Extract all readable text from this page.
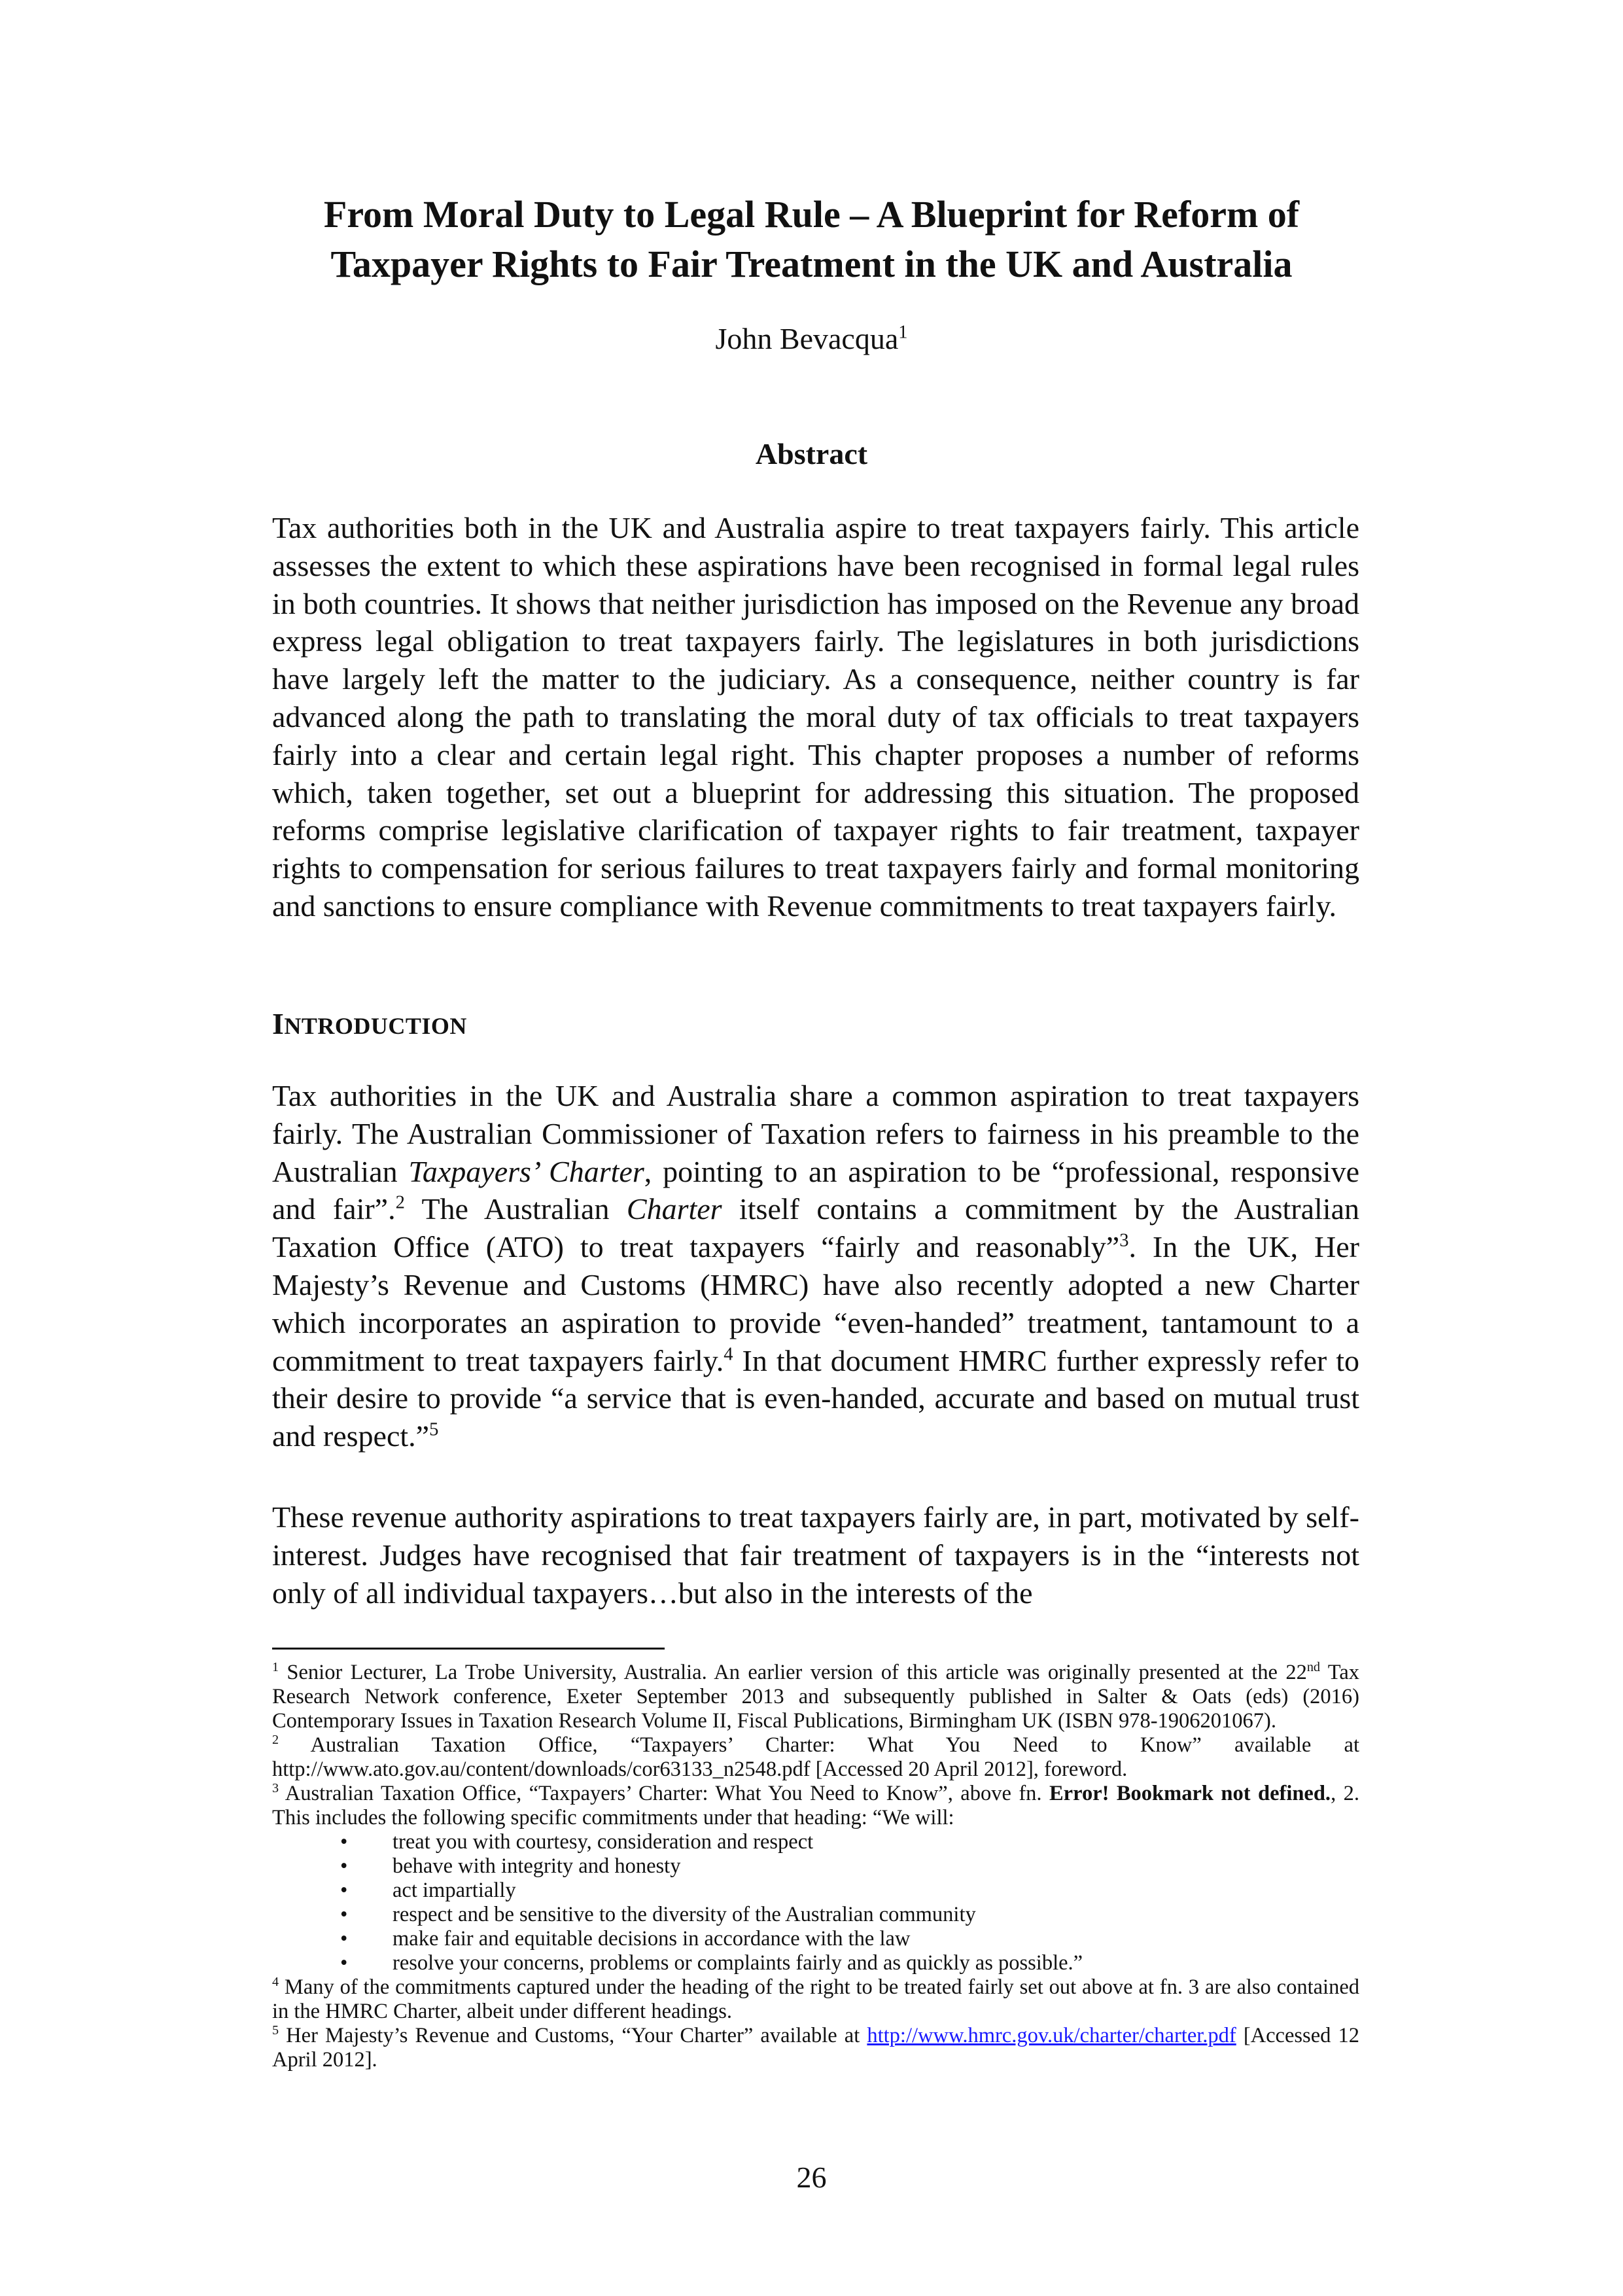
From Moral Duty to Legal Rule – A Blueprint for Reform of
Taxpayer Rights to Fair Treatment in the UK and Australia
John Bevacqua$^1$
Abstract

Tax authorities both in the UK and Australia aspire to treat taxpayers fairly. This article assesses the extent to which these aspirations have been recognised in formal legal rules in both countries. It shows that neither jurisdiction has imposed on the Revenue any broad express legal obligation to treat taxpayers fairly. The legislatures in both jurisdictions have largely left the matter to the judiciary. As a consequence, neither country is far advanced along the path to translating the moral duty of tax officials to treat taxpayers fairly into a clear and certain legal right. This chapter proposes a number of reforms which, taken together, set out a blueprint for addressing this situation. The proposed reforms comprise legislative clarification of taxpayer rights to fair treatment, taxpayer rights to compensation for serious failures to treat taxpayers fairly and formal monitoring and sanctions to ensure compliance with Revenue commitments to treat taxpayers fairly.

INTRODUCTION

Tax authorities in the UK and Australia share a common aspiration to treat taxpayers fairly. The Australian Commissioner of Taxation refers to fairness in his preamble to the Australian Taxpayers’ Charter, pointing to an aspiration to be “professional, responsive and fair”.$^2$ The Australian Charter itself contains a commitment by the Australian Taxation Office (ATO) to treat taxpayers “fairly and reasonably”$^3$. In the UK, Her Majesty’s Revenue and Customs (HMRC) have also recently adopted a new Charter which incorporates an aspiration to provide “even-handed” treatment, tantamount to a commitment to treat taxpayers fairly.$^4$ In that document HMRC further expressly refer to their desire to provide “a service that is even-handed, accurate and based on mutual trust and respect.”$^5$

These revenue authority aspirations to treat taxpayers fairly are, in part, motivated by self-interest. Judges have recognised that fair treatment of taxpayers is in the “interests not only of all individual taxpayers…but also in the interests of the

$^1$ Senior Lecturer, La Trobe University, Australia. An earlier version of this article was originally presented at the 22nd Tax Research Network conference, Exeter September 2013 and subsequently published in Salter & Oats (eds) (2016) Contemporary Issues in Taxation Research Volume II, Fiscal Publications, Birmingham UK (ISBN 978-1906201067).

$^2$ Australian Taxation Office, “Taxpayers’ Charter: What You Need to Know” available at http://www.ato.gov.au/content/downloads/cor63133_n2548.pdf [Accessed 20 April 2012], foreword.

$^3$ Australian Taxation Office, “Taxpayers’ Charter: What You Need to Know”, above fn. Error! Bookmark not defined., 2. This includes the following specific commitments under that heading: “We will:

• treat you with courtesy, consideration and respect
• behave with integrity and honesty
• act impartially
• respect and be sensitive to the diversity of the Australian community
• make fair and equitable decisions in accordance with the law
• resolve your concerns, problems or complaints fairly and as quickly as possible.”

$^4$ Many of the commitments captured under the heading of the right to be treated fairly set out above at fn. 3 are also contained in the HMRC Charter, albeit under different headings.

$^5$ Her Majesty’s Revenue and Customs, “Your Charter” available at http://www.hmrc.gov.uk/charter/charter.pdf [Accessed 12 April 2012].

26
